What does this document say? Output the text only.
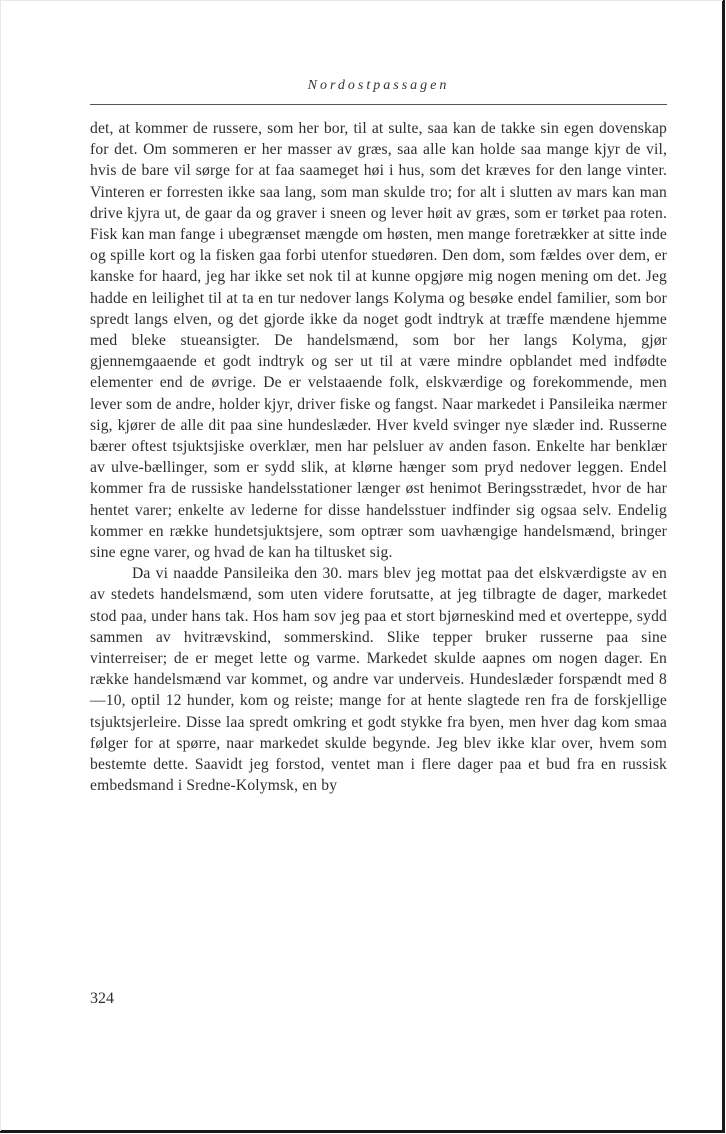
Nordostpassagen

det, at kommer de russere, som her bor, til at sulte, saa kan de takke sin egen dovenskap for det. Om sommeren er her masser av græs, saa alle kan holde saa mange kjyr de vil, hvis de bare vil sørge for at faa saameget høi i hus, som det kræves for den lange vinter. Vinteren er forresten ikke saa lang, som man skulde tro; for alt i slutten av mars kan man drive kjyra ut, de gaar da og graver i sneen og lever høit av græs, som er tørket paa roten. Fisk kan man fange i ubegrænset mængde om høsten, men mange foretrækker at sitte inde og spille kort og la fisken gaa forbi utenfor stuedøren. Den dom, som fældes over dem, er kanske for haard, jeg har ikke set nok til at kunne opgjøre mig nogen mening om det. Jeg hadde en leilighet til at ta en tur nedover langs Kolyma og besøke endel familier, som bor spredt langs elven, og det gjorde ikke da noget godt indtryk at træffe mændene hjemme med bleke stueansigter. De handelsmænd, som bor her langs Kolyma, gjør gjennemgaaende et godt indtryk og ser ut til at være mindre opblandet med indfødte elementer end de øvrige. De er velstaaende folk, elskværdige og forekommende, men lever som de andre, holder kjyr, driver fiske og fangst. Naar markedet i Pansileika nærmer sig, kjører de alle dit paa sine hundeslæder. Hver kveld svinger nye slæder ind. Russerne bærer oftest tsjuktsjiske overklær, men har pelsluer av anden fason. Enkelte har benklær av ulve-bællinger, som er sydd slik, at klørne hænger som pryd nedover leggen. Endel kommer fra de russiske handelsstationer længer øst henimot Beringsstrædet, hvor de har hentet varer; enkelte av lederne for disse handelsstuer indfinder sig ogsaa selv. Endelig kommer en række hundetsjuktsjere, som optrær som uavhængige handelsmænd, bringer sine egne varer, og hvad de kan ha tiltusket sig.

Da vi naadde Pansileika den 30. mars blev jeg mottat paa det elskværdigste av en av stedets handelsmænd, som uten videre forutsatte, at jeg tilbragte de dager, markedet stod paa, under hans tak. Hos ham sov jeg paa et stort bjørneskind med et overteppe, sydd sammen av hvitrævskind, sommerskind. Slike tepper bruker russerne paa sine vinterreiser; de er meget lette og varme. Markedet skulde aapnes om nogen dager. En række handelsmænd var kommet, og andre var underveis. Hundeslæder forspændt med 8—10, optil 12 hunder, kom og reiste; mange for at hente slagtede ren fra de forskjellige tsjuktsjerleire. Disse laa spredt omkring et godt stykke fra byen, men hver dag kom smaa følger for at spørre, naar markedet skulde begynde. Jeg blev ikke klar over, hvem som bestemte dette. Saavidt jeg forstod, ventet man i flere dager paa et bud fra en russisk embedsmand i Sredne-Kolymsk, en by

324
